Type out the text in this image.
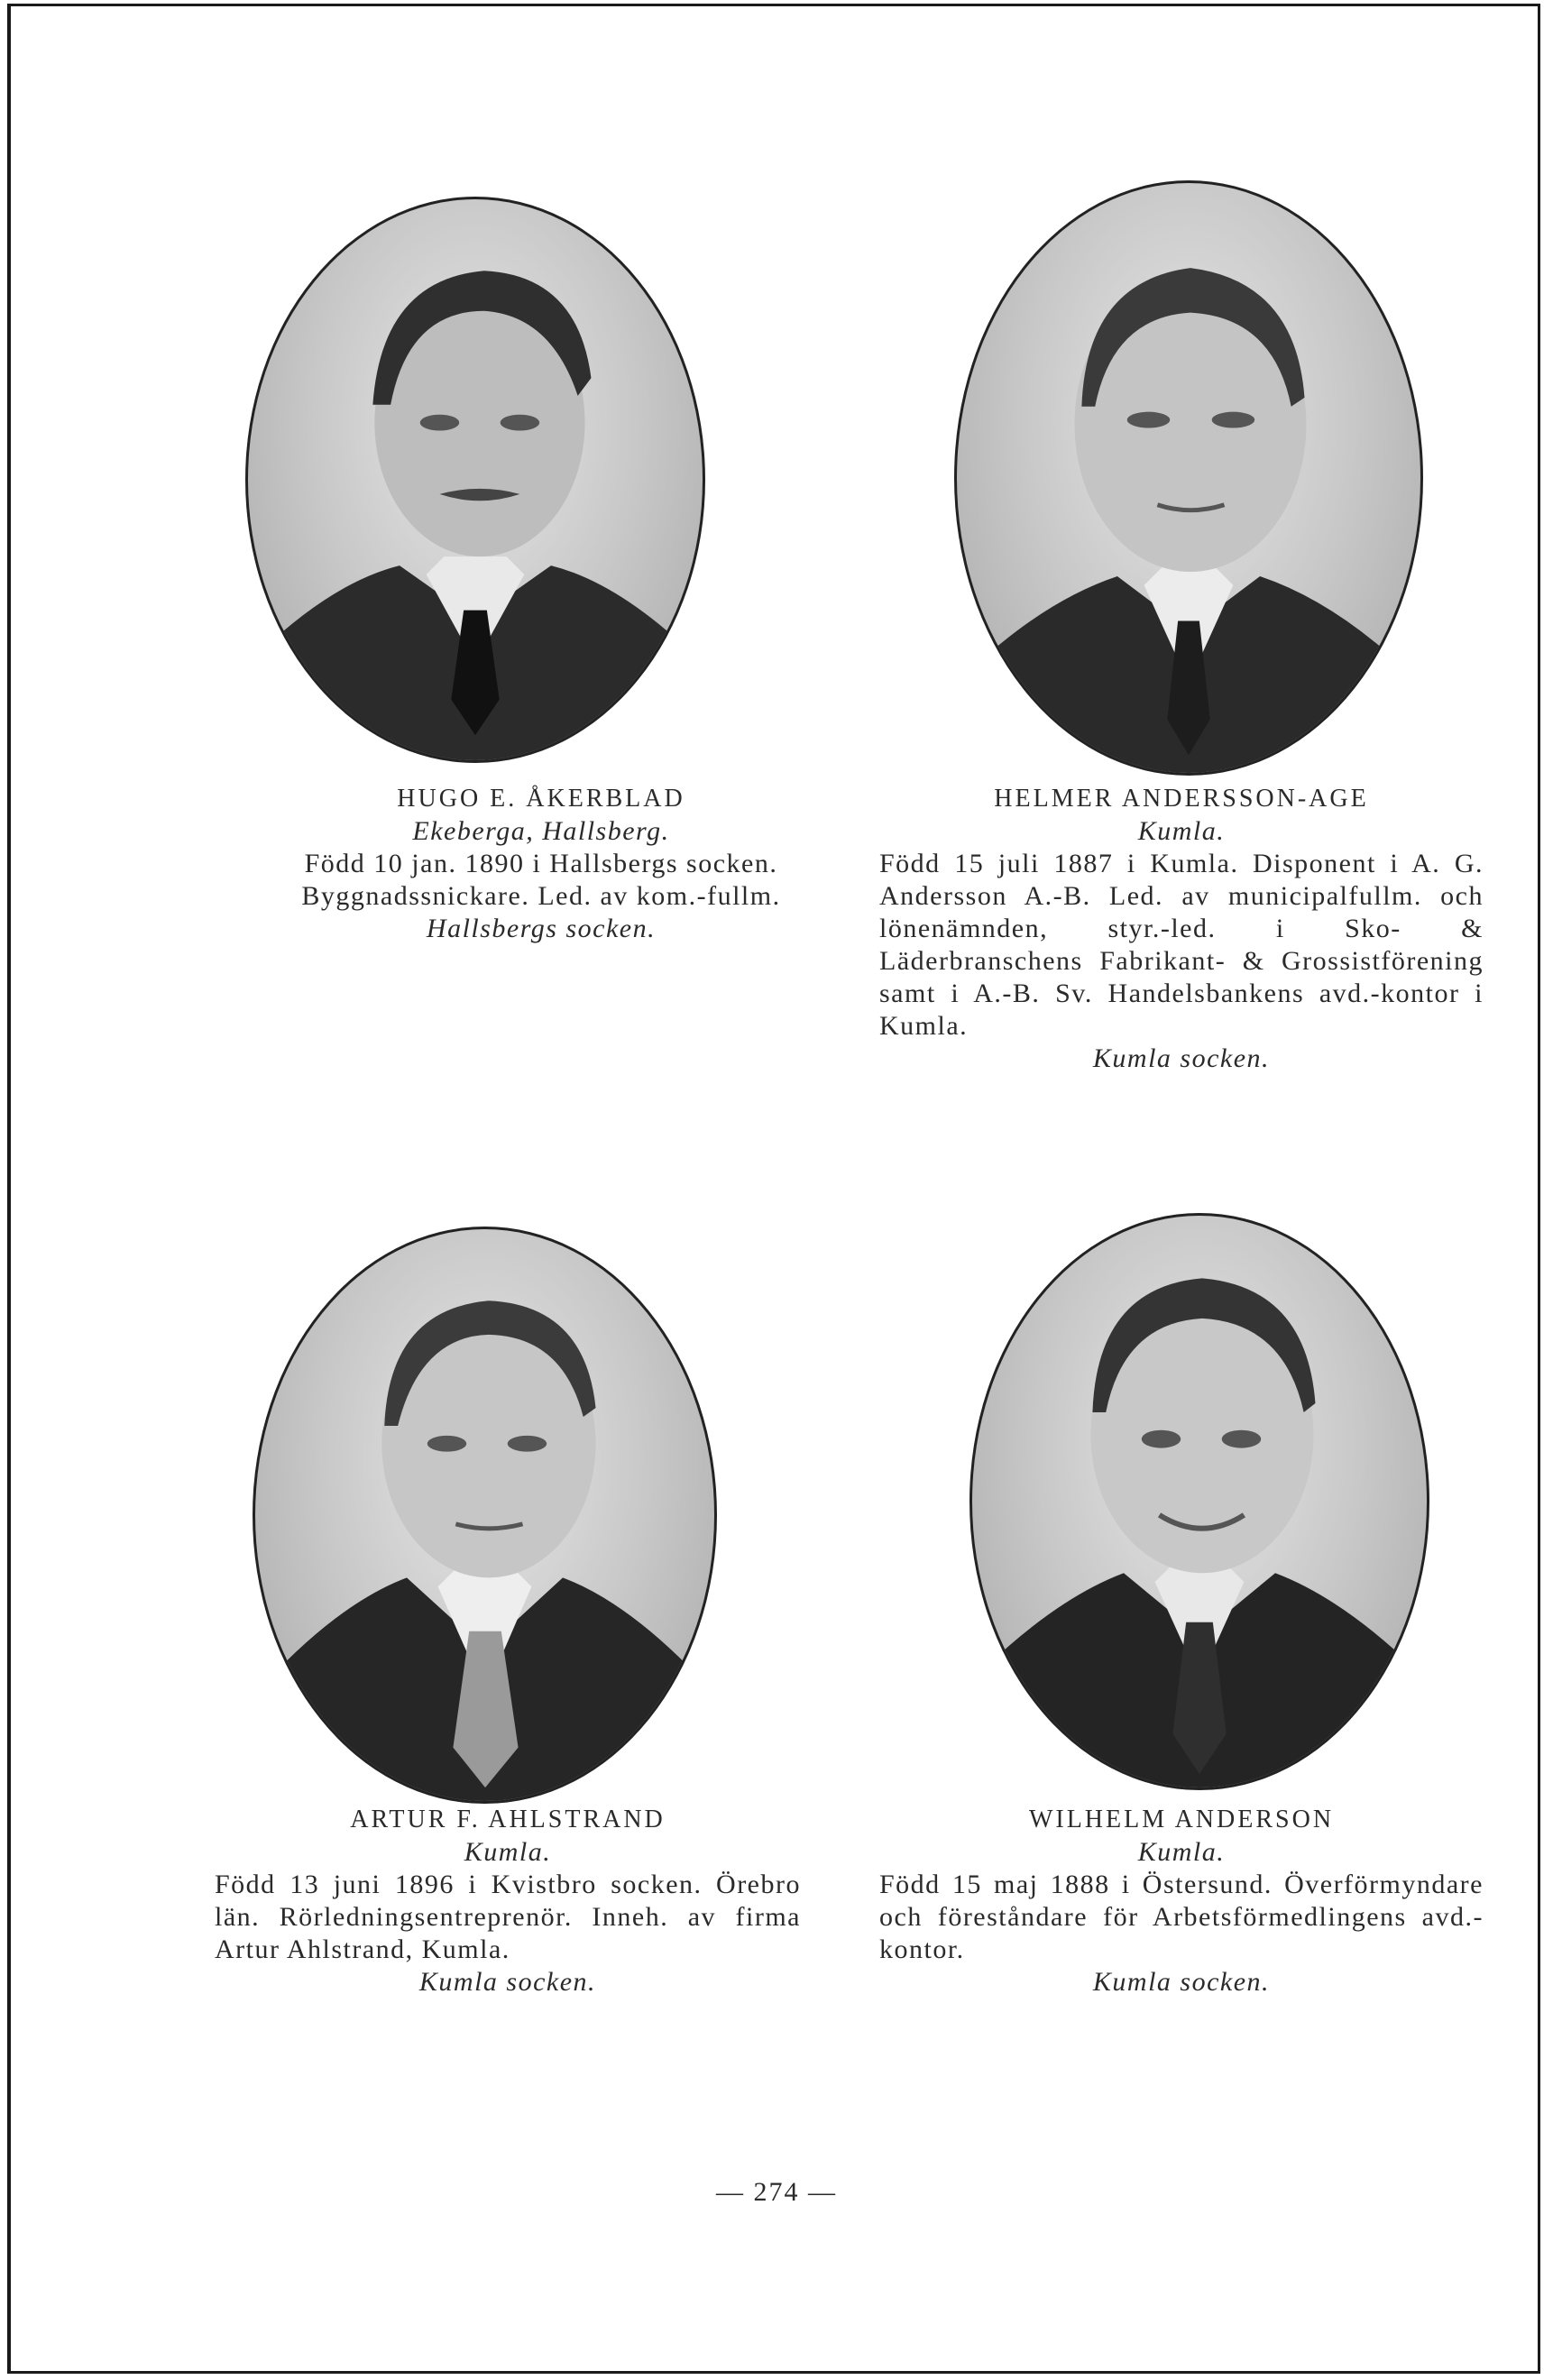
HUGO E. ÅKERBLAD
Ekeberga, Hallsberg.
Född 10 jan. 1890 i Hallsbergs socken. Byggnadssnickare. Led. av kom.-fullm.
Hallsbergs socken.
HELMER ANDERSSON-AGE
Kumla.
Född 15 juli 1887 i Kumla. Disponent i A. G. Andersson A.-B. Led. av municipalfullm. och lönenämnden, styr.-led. i Sko- & Läderbranschens Fabrikant- & Grossistförening samt i A.-B. Sv. Handelsbankens avd.-kontor i Kumla.
Kumla socken.
ARTUR F. AHLSTRAND
Kumla.
Född 13 juni 1896 i Kvistbro socken. Örebro län. Rörledningsentreprenör. Inneh. av firma Artur Ahlstrand, Kumla.
Kumla socken.
WILHELM ANDERSON
Kumla.
Född 15 maj 1888 i Östersund. Överförmyndare och föreståndare för Arbetsförmedlingens avd.-kontor.
Kumla socken.
— 274 —
